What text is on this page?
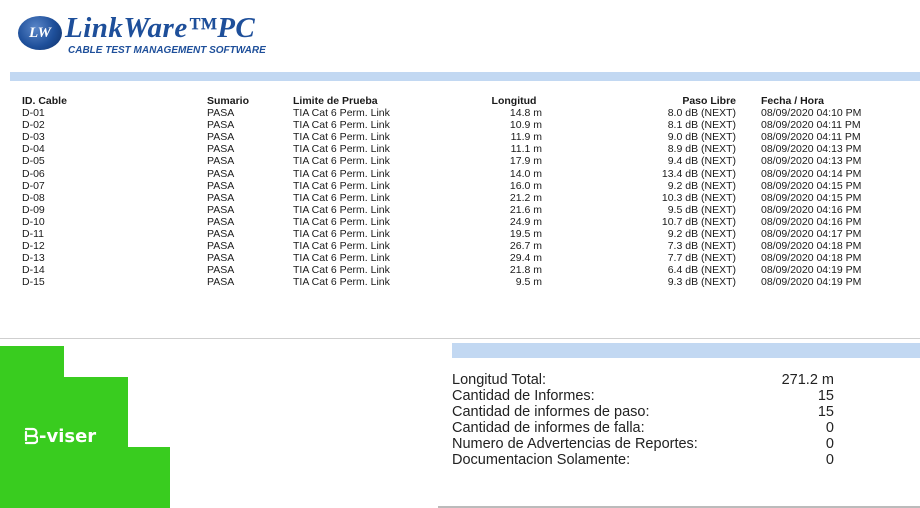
LW LinkWare™PC
CABLE TEST MANAGEMENT SOFTWARE
ID. Cable	Sumario	Limite de Prueba	Longitud	Paso Libre Fecha / Hora
D-01	PASA	TIA Cat 6 Perm. Link	14.8 m	8.0 dB (NEXT) 08/09/2020 04:10 PM
D-02	PASA	TIA Cat 6 Perm. Link	10.9 m	8.1 dB (NEXT) 08/09/2020 04:11 PM
D-03	PASA	TIA Cat 6 Perm. Link	11.9 m	9.0 dB (NEXT) 08/09/2020 04:11 PM
D-04	PASA	TIA Cat 6 Perm. Link	11.1 m	8.9 dB (NEXT) 08/09/2020 04:13 PM
D-05	PASA	TIA Cat 6 Perm. Link	17.9 m	9.4 dB (NEXT) 08/09/2020 04:13 PM
D-06	PASA	TIA Cat 6 Perm. Link	14.0 m	13.4 dB (NEXT) 08/09/2020 04:14 PM
D-07	PASA	TIA Cat 6 Perm. Link	16.0 m	9.2 dB (NEXT) 08/09/2020 04:15 PM
D-08	PASA	TIA Cat 6 Perm. Link	21.2 m	10.3 dB (NEXT) 08/09/2020 04:15 PM
D-09	PASA	TIA Cat 6 Perm. Link	21.6 m	9.5 dB (NEXT) 08/09/2020 04:16 PM
D-10	PASA	TIA Cat 6 Perm. Link	24.9 m	10.7 dB (NEXT) 08/09/2020 04:16 PM
D-11	PASA	TIA Cat 6 Perm. Link	19.5 m	9.2 dB (NEXT) 08/09/2020 04:17 PM
D-12	PASA	TIA Cat 6 Perm. Link	26.7 m	7.3 dB (NEXT) 08/09/2020 04:18 PM
D-13	PASA	TIA Cat 6 Perm. Link	29.4 m	7.7 dB (NEXT) 08/09/2020 04:18 PM
D-14	PASA	TIA Cat 6 Perm. Link	21.8 m	6.4 dB (NEXT) 08/09/2020 04:19 PM
D-15	PASA	TIA Cat 6 Perm. Link	9.5 m	9.3 dB (NEXT) 08/09/2020 04:19 PM
-viser
Longitud Total:	271.2 m
Cantidad de Informes:	15
Cantidad de informes de paso:	15
Cantidad de informes de falla:	0
Numero de Advertencias de Reportes:	0
Documentacion Solamente:	0
